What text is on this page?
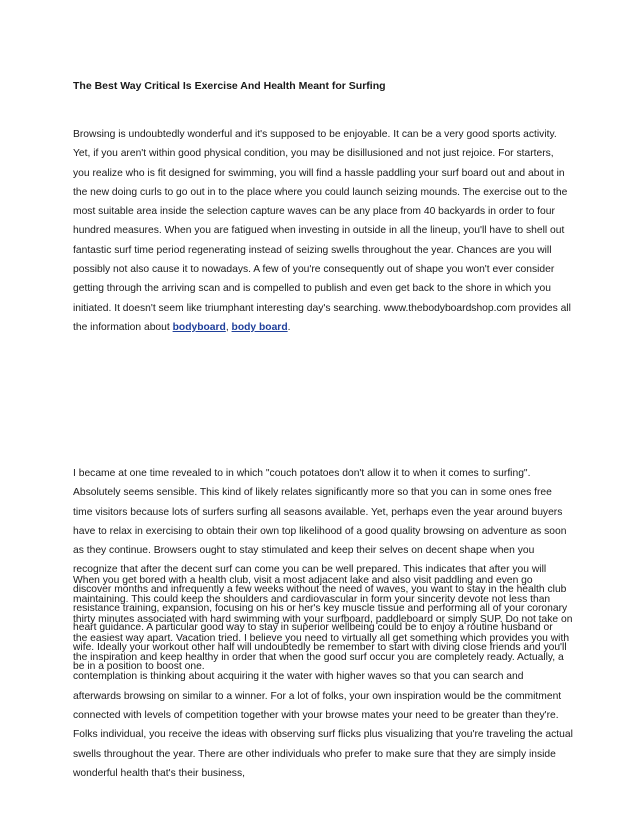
The Best Way Critical Is Exercise And Health Meant for Surfing

Browsing is undoubtedly wonderful and it's supposed to be enjoyable. It can be a very good sports activity. Yet, if you aren't within good physical condition, you may be disillusioned and not just rejoice. For starters, you realize who is fit designed for swimming, you will find a hassle paddling your surf board out and about in the new doing curls to go out in to the place where you could launch seizing mounds. The exercise out to the most suitable area inside the selection capture waves can be any place from 40 backyards in order to four hundred measures. When you are fatigued when investing in outside in all the lineup, you'll have to shell out fantastic surf time period regenerating instead of seizing swells throughout the year. Chances are you will possibly not also cause it to nowadays. A few of you're consequently out of shape you won't ever consider getting through the arriving scan and is compelled to publish and even get back to the shore in which you initiated. It doesn't seem like triumphant interesting day's searching. www.thebodyboardshop.com provides all the information about bodyboard, body board.

I became at one time revealed to in which "couch potatoes don't allow it to when it comes to surfing". Absolutely seems sensible. This kind of likely relates significantly more so that you can in some ones free time visitors because lots of surfers surfing all seasons available. Yet, perhaps even the year around buyers have to relax in exercising to obtain their own top likelihood of a good quality browsing on adventure as soon as they continue. Browsers ought to stay stimulated and keep their selves on decent shape when you recognize that after the decent surf can come you can be well prepared. This indicates that after you will discover months and infrequently a few weeks without the need of waves, you want to stay in the health club resistance training, expansion, focusing on his or her's key muscle tissue and performing all of your coronary heart guidance. A particular good way to stay in superior wellbeing could be to enjoy a routine husband or wife. Ideally your workout other half will undoubtedly be remember to start with diving close friends and you'll be in a position to boost one.

When you get bored with a health club, visit a most adjacent lake and also visit paddling and even go maintaining. This could keep the shoulders and cardiovascular in form your sincerity devote not less than thirty minutes associated with hard swimming with your surfboard, paddleboard or simply SUP. Do not take on the easiest way apart. Vacation tried. I believe you need to virtually all get something which provides you with the inspiration and keep healthy in order that when the good surf occur you are completely ready. Actually, a contemplation is thinking about acquiring it the water with higher waves so that you can search and afterwards browsing on similar to a winner. For a lot of folks, your own inspiration would be the commitment connected with levels of competition together with your browse mates your need to be greater than they're. Folks individual, you receive the ideas with observing surf flicks plus visualizing that you're traveling the actual swells throughout the year. There are other individuals who prefer to make sure that they are simply inside wonderful health that's their business,
